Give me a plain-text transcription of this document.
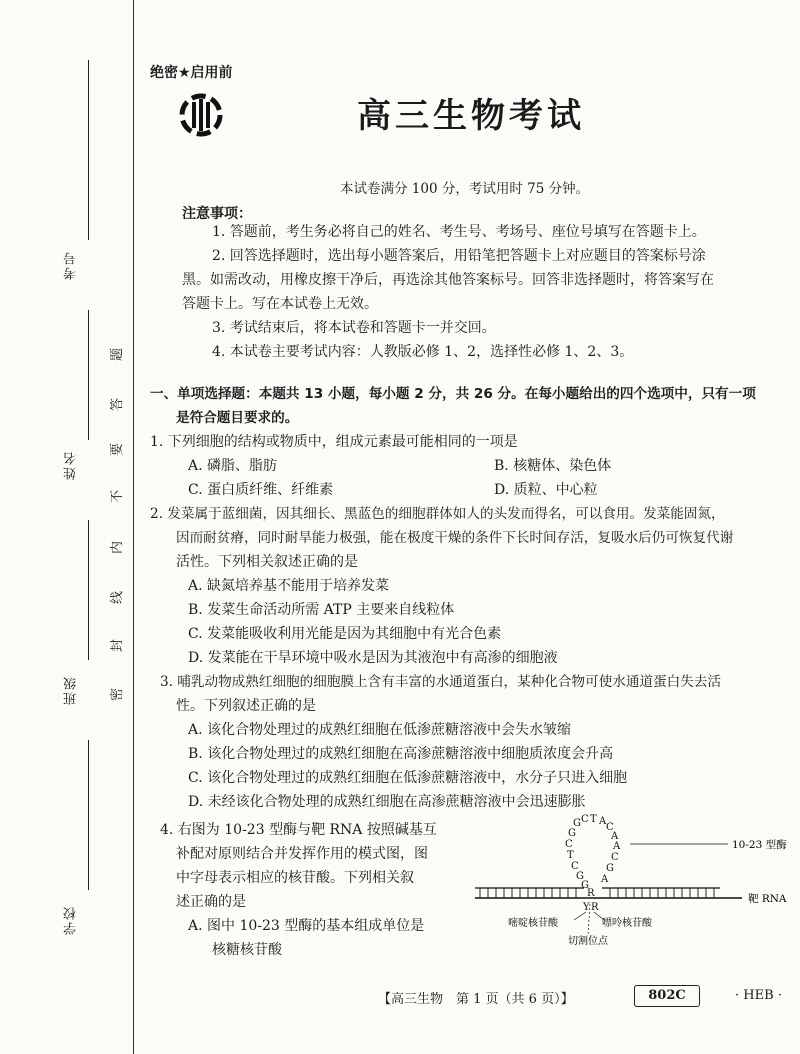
考号
姓名
班级
学校
题
答
要
不
内
线
封
密
绝密★启用前
高三生物考试
本试卷满分 100 分，考试用时 75 分钟。
注意事项：
1. 答题前，考生务必将自己的姓名、考生号、考场号、座位号填写在答题卡上。
2. 回答选择题时，选出每小题答案后，用铅笔把答题卡上对应题目的答案标号涂
黑。如需改动，用橡皮擦干净后，再选涂其他答案标号。回答非选择题时，将答案写在
答题卡上。写在本试卷上无效。
3. 考试结束后，将本试卷和答题卡一并交回。
4. 本试卷主要考试内容：人教版必修 1、2，选择性必修 1、2、3。
一、单项选择题：本题共 13 小题，每小题 2 分，共 26 分。在每小题给出的四个选项中，只有一项
是符合题目要求的。
1. 下列细胞的结构或物质中，组成元素最可能相同的一项是
A. 磷脂、脂肪	B. 核糖体、染色体
C. 蛋白质纤维、纤维素	D. 质粒、中心粒
2. 发菜属于蓝细菌，因其细长、黑蓝色的细胞群体如人的头发而得名，可以食用。发菜能固氮，
因而耐贫瘠，同时耐旱能力极强，能在极度干燥的条件下长时间存活，复吸水后仍可恢复代谢
活性。下列相关叙述正确的是
A. 缺氮培养基不能用于培养发菜
B. 发菜生命活动所需 ATP 主要来自线粒体
C. 发菜能吸收利用光能是因为其细胞中有光合色素
D. 发菜能在干旱环境中吸水是因为其液泡中有高渗的细胞液
3. 哺乳动物成熟红细胞的细胞膜上含有丰富的水通道蛋白，某种化合物可使水通道蛋白失去活
性。下列叙述正确的是
A. 该化合物处理过的成熟红细胞在低渗蔗糖溶液中会失水皱缩
B. 该化合物处理过的成熟红细胞在高渗蔗糖溶液中细胞质浓度会升高
C. 该化合物处理过的成熟红细胞在低渗蔗糖溶液中，水分子只进入细胞
D. 未经该化合物处理的成熟红细胞在高渗蔗糖溶液中会迅速膨胀
4. 右图为 10-23 型酶与靶 RNA 按照碱基互
补配对原则结合并发挥作用的模式图，图
中字母表示相应的核苷酸。下列相关叙
述正确的是
A. 图中 10-23 型酶的基本组成单位是
核糖核苷酸
G C T A
C
A
A
C
G
A
G
C
T
C
G
G
R
Y R
10-23 型酶
靶 RNA
嘧啶核苷酸	嘌呤核苷酸
切割位点
【高三生物　第 1 页（共 6 页）】	802C	· HEB ·
